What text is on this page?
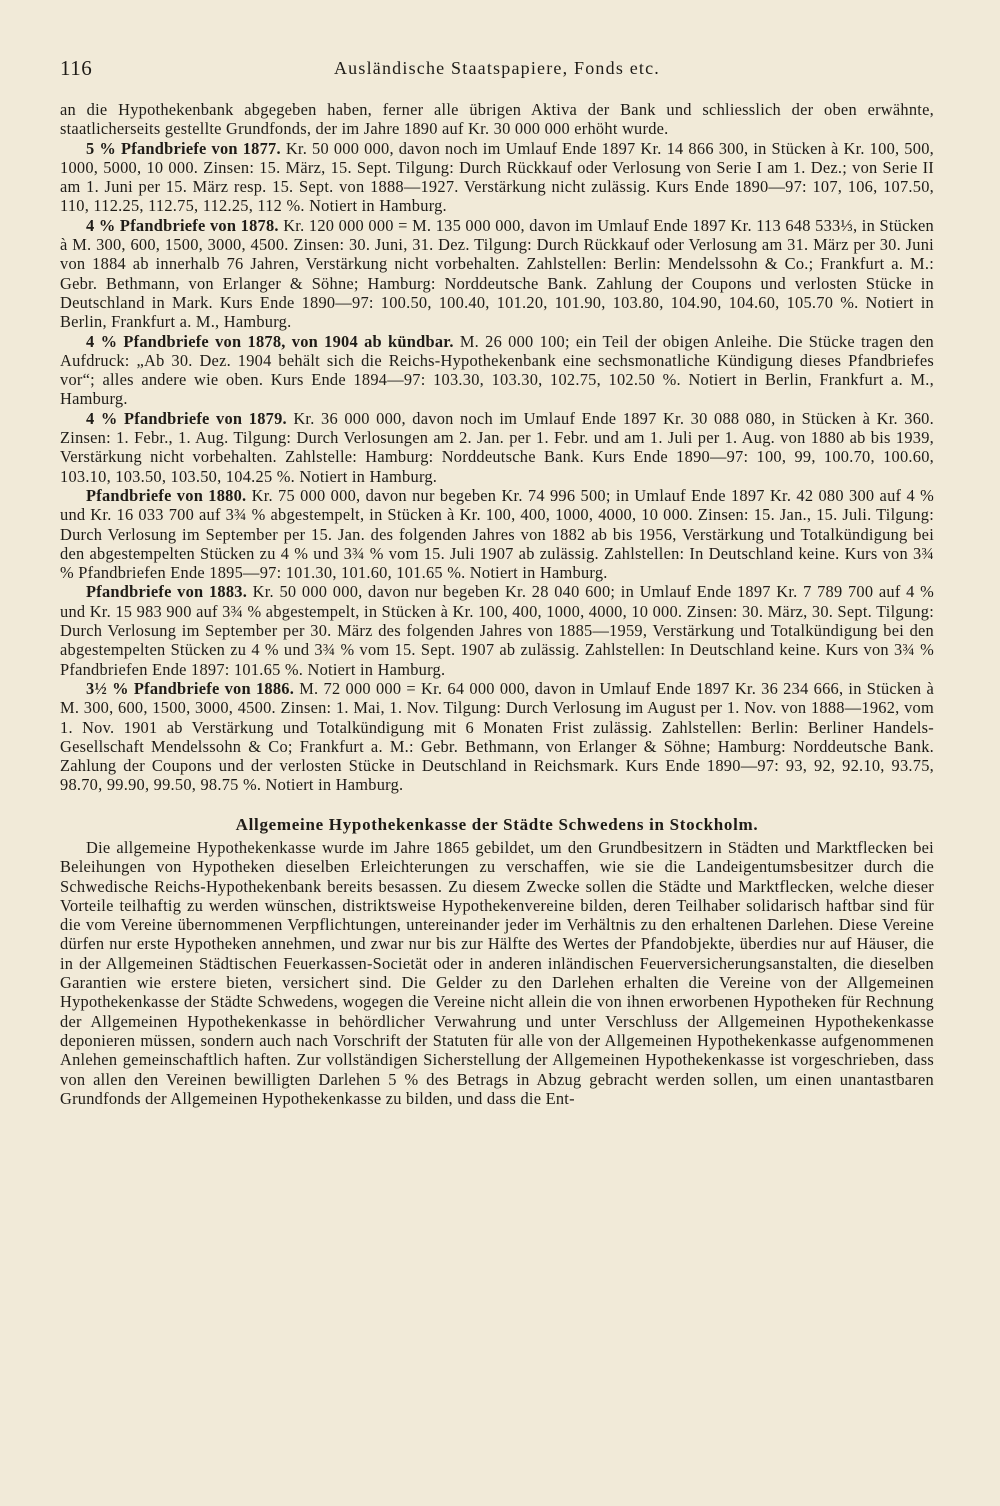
116	Ausländische Staatspapiere, Fonds etc.

an die Hypothekenbank abgegeben haben, ferner alle übrigen Aktiva der Bank und schliesslich der oben erwähnte, staatlicherseits gestellte Grundfonds, der im Jahre 1890 auf Kr. 30 000 000 erhöht wurde.

5 % Pfandbriefe von 1877. Kr. 50 000 000, davon noch im Umlauf Ende 1897 Kr. 14 866 300, in Stücken à Kr. 100, 500, 1000, 5000, 10 000. Zinsen: 15. März, 15. Sept. Tilgung: Durch Rückkauf oder Verlosung von Serie I am 1. Dez.; von Serie II am 1. Juni per 15. März resp. 15. Sept. von 1888—1927. Verstärkung nicht zulässig. Kurs Ende 1890—97: 107, 106, 107.50, 110, 112.25, 112.75, 112.25, 112 %. Notiert in Hamburg.

4 % Pfandbriefe von 1878. Kr. 120 000 000 = M. 135 000 000, davon im Umlauf Ende 1897 Kr. 113 648 533⅓, in Stücken à M. 300, 600, 1500, 3000, 4500. Zinsen: 30. Juni, 31. Dez. Tilgung: Durch Rückkauf oder Verlosung am 31. März per 30. Juni von 1884 ab innerhalb 76 Jahren, Verstärkung nicht vorbehalten. Zahlstellen: Berlin: Mendelssohn & Co.; Frankfurt a. M.: Gebr. Bethmann, von Erlanger & Söhne; Hamburg: Norddeutsche Bank. Zahlung der Coupons und verlosten Stücke in Deutschland in Mark. Kurs Ende 1890—97: 100.50, 100.40, 101.20, 101.90, 103.80, 104.90, 104.60, 105.70 %. Notiert in Berlin, Frankfurt a. M., Hamburg.

4 % Pfandbriefe von 1878, von 1904 ab kündbar. M. 26 000 100; ein Teil der obigen Anleihe. Die Stücke tragen den Aufdruck: „Ab 30. Dez. 1904 behält sich die Reichs-Hypothekenbank eine sechsmonatliche Kündigung dieses Pfandbriefes vor“; alles andere wie oben. Kurs Ende 1894—97: 103.30, 103.30, 102.75, 102.50 %. Notiert in Berlin, Frankfurt a. M., Hamburg.

4 % Pfandbriefe von 1879. Kr. 36 000 000, davon noch im Umlauf Ende 1897 Kr. 30 088 080, in Stücken à Kr. 360. Zinsen: 1. Febr., 1. Aug. Tilgung: Durch Verlosungen am 2. Jan. per 1. Febr. und am 1. Juli per 1. Aug. von 1880 ab bis 1939, Verstärkung nicht vorbehalten. Zahlstelle: Hamburg: Norddeutsche Bank. Kurs Ende 1890—97: 100, 99, 100.70, 100.60, 103.10, 103.50, 103.50, 104.25 %. Notiert in Hamburg.

Pfandbriefe von 1880. Kr. 75 000 000, davon nur begeben Kr. 74 996 500; in Umlauf Ende 1897 Kr. 42 080 300 auf 4 % und Kr. 16 033 700 auf 3¾ % abgestempelt, in Stücken à Kr. 100, 400, 1000, 4000, 10 000. Zinsen: 15. Jan., 15. Juli. Tilgung: Durch Verlosung im September per 15. Jan. des folgenden Jahres von 1882 ab bis 1956, Verstärkung und Totalkündigung bei den abgestempelten Stücken zu 4 % und 3¾ % vom 15. Juli 1907 ab zulässig. Zahlstellen: In Deutschland keine. Kurs von 3¾ % Pfandbriefen Ende 1895—97: 101.30, 101.60, 101.65 %. Notiert in Hamburg.

Pfandbriefe von 1883. Kr. 50 000 000, davon nur begeben Kr. 28 040 600; in Umlauf Ende 1897 Kr. 7 789 700 auf 4 % und Kr. 15 983 900 auf 3¾ % abgestempelt, in Stücken à Kr. 100, 400, 1000, 4000, 10 000. Zinsen: 30. März, 30. Sept. Tilgung: Durch Verlosung im September per 30. März des folgenden Jahres von 1885—1959, Verstärkung und Totalkündigung bei den abgestempelten Stücken zu 4 % und 3¾ % vom 15. Sept. 1907 ab zulässig. Zahlstellen: In Deutschland keine. Kurs von 3¾ % Pfandbriefen Ende 1897: 101.65 %. Notiert in Hamburg.

3½ % Pfandbriefe von 1886. M. 72 000 000 = Kr. 64 000 000, davon in Umlauf Ende 1897 Kr. 36 234 666, in Stücken à M. 300, 600, 1500, 3000, 4500. Zinsen: 1. Mai, 1. Nov. Tilgung: Durch Verlosung im August per 1. Nov. von 1888—1962, vom 1. Nov. 1901 ab Verstärkung und Totalkündigung mit 6 Monaten Frist zulässig. Zahlstellen: Berlin: Berliner Handels-Gesellschaft Mendelssohn & Co; Frankfurt a. M.: Gebr. Bethmann, von Erlanger & Söhne; Hamburg: Norddeutsche Bank. Zahlung der Coupons und der verlosten Stücke in Deutschland in Reichsmark. Kurs Ende 1890—97: 93, 92, 92.10, 93.75, 98.70, 99.90, 99.50, 98.75 %. Notiert in Hamburg.

Allgemeine Hypothekenkasse der Städte Schwedens in Stockholm.

Die allgemeine Hypothekenkasse wurde im Jahre 1865 gebildet, um den Grundbesitzern in Städten und Marktflecken bei Beleihungen von Hypotheken dieselben Erleichterungen zu verschaffen, wie sie die Landeigentumsbesitzer durch die Schwedische Reichs-Hypothekenbank bereits besassen. Zu diesem Zwecke sollen die Städte und Marktflecken, welche dieser Vorteile teilhaftig zu werden wünschen, distriktsweise Hypothekenvereine bilden, deren Teilhaber solidarisch haftbar sind für die vom Vereine übernommenen Verpflichtungen, untereinander jeder im Verhältnis zu den erhaltenen Darlehen. Diese Vereine dürfen nur erste Hypotheken annehmen, und zwar nur bis zur Hälfte des Wertes der Pfandobjekte, überdies nur auf Häuser, die in der Allgemeinen Städtischen Feuerkassen-Societät oder in anderen inländischen Feuerversicherungsanstalten, die dieselben Garantien wie erstere bieten, versichert sind. Die Gelder zu den Darlehen erhalten die Vereine von der Allgemeinen Hypothekenkasse der Städte Schwedens, wogegen die Vereine nicht allein die von ihnen erworbenen Hypotheken für Rechnung der Allgemeinen Hypothekenkasse in behördlicher Verwahrung und unter Verschluss der Allgemeinen Hypothekenkasse deponieren müssen, sondern auch nach Vorschrift der Statuten für alle von der Allgemeinen Hypothekenkasse aufgenommenen Anlehen gemeinschaftlich haften. Zur vollständigen Sicherstellung der Allgemeinen Hypothekenkasse ist vorgeschrieben, dass von allen den Vereinen bewilligten Darlehen 5 % des Betrags in Abzug gebracht werden sollen, um einen unantastbaren Grundfonds der Allgemeinen Hypothekenkasse zu bilden, und dass die Ent-
